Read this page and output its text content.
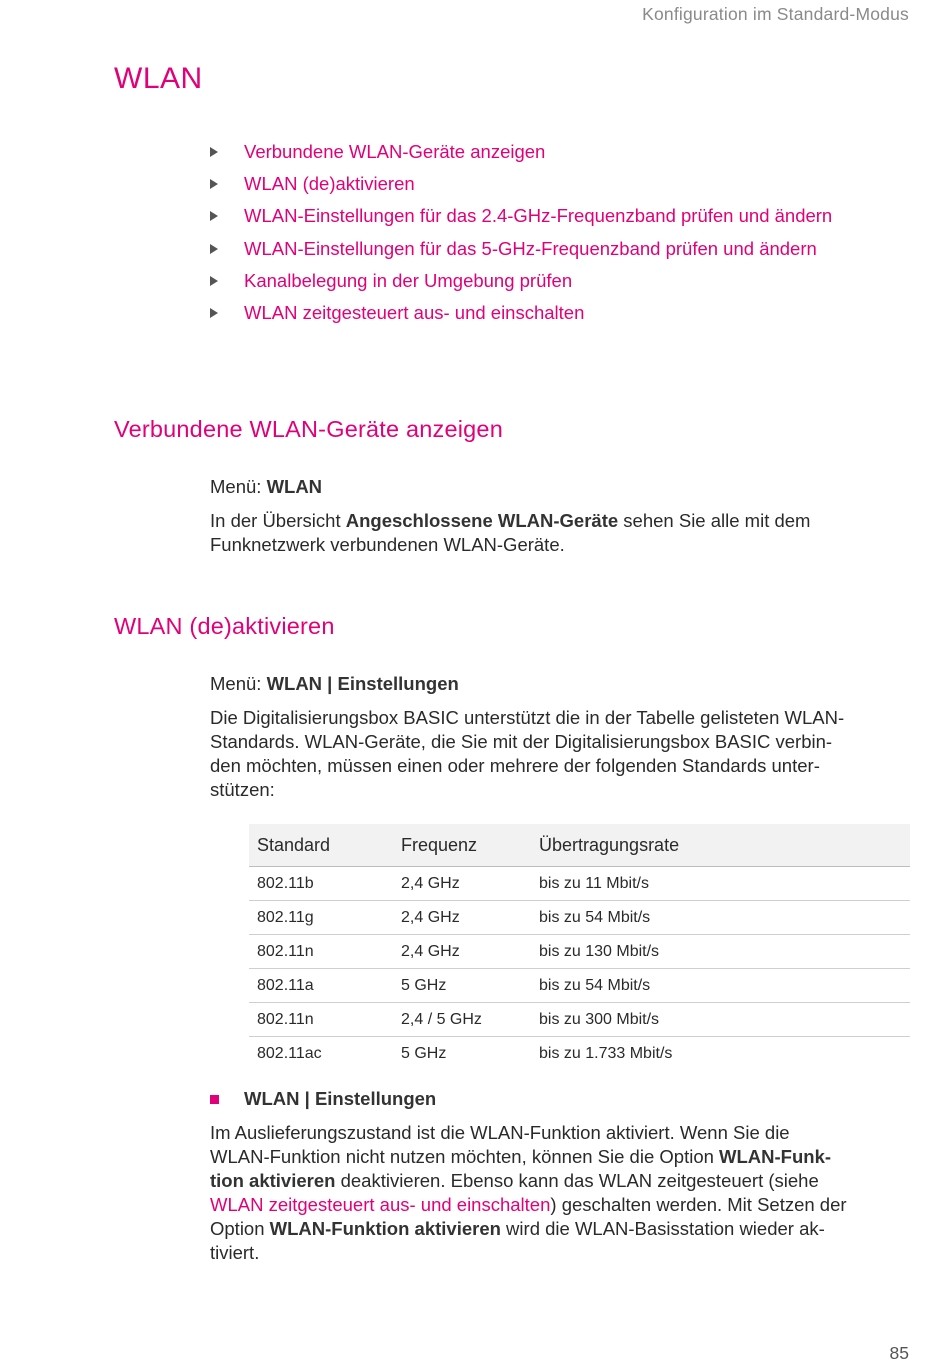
Konfiguration im Standard-Modus
WLAN
Verbundene WLAN-Geräte anzeigen
WLAN (de)aktivieren
WLAN-Einstellungen für das 2.4-GHz-Frequenzband prüfen und ändern
WLAN-Einstellungen für das 5-GHz-Frequenzband prüfen und ändern
Kanalbelegung in der Umgebung prüfen
WLAN zeitgesteuert aus- und einschalten
Verbundene WLAN-Geräte anzeigen

Menü: WLAN

In der Übersicht Angeschlossene WLAN-Geräte sehen Sie alle mit dem
Funknetzwerk verbundenen WLAN-Geräte.

WLAN (de)aktivieren

Menü: WLAN | Einstellungen

Die Digitalisierungsbox BASIC unterstützt die in der Tabelle gelisteten WLAN-
Standards. WLAN-Geräte, die Sie mit der Digitalisierungsbox BASIC verbin-
den möchten, müssen einen oder mehrere der folgenden Standards unter-
stützen:

Standard	Frequenz	Übertragungsrate
802.11b	2,4 GHz	bis zu 11 Mbit/s
802.11g	2,4 GHz	bis zu 54 Mbit/s
802.11n	2,4 GHz	bis zu 130 Mbit/s
802.11a	5 GHz	bis zu 54 Mbit/s
802.11n	2,4 / 5 GHz	bis zu 300 Mbit/s
802.11ac	5 GHz	bis zu 1.733 Mbit/s
WLAN | Einstellungen

Im Auslieferungszustand ist die WLAN-Funktion aktiviert. Wenn Sie die
WLAN-Funktion nicht nutzen möchten, können Sie die Option WLAN-Funk-
tion aktivieren deaktivieren. Ebenso kann das WLAN zeitgesteuert (siehe
WLAN zeitgesteuert aus- und einschalten) geschalten werden. Mit Setzen der
Option WLAN-Funktion aktivieren wird die WLAN-Basisstation wieder ak-
tiviert.

85
